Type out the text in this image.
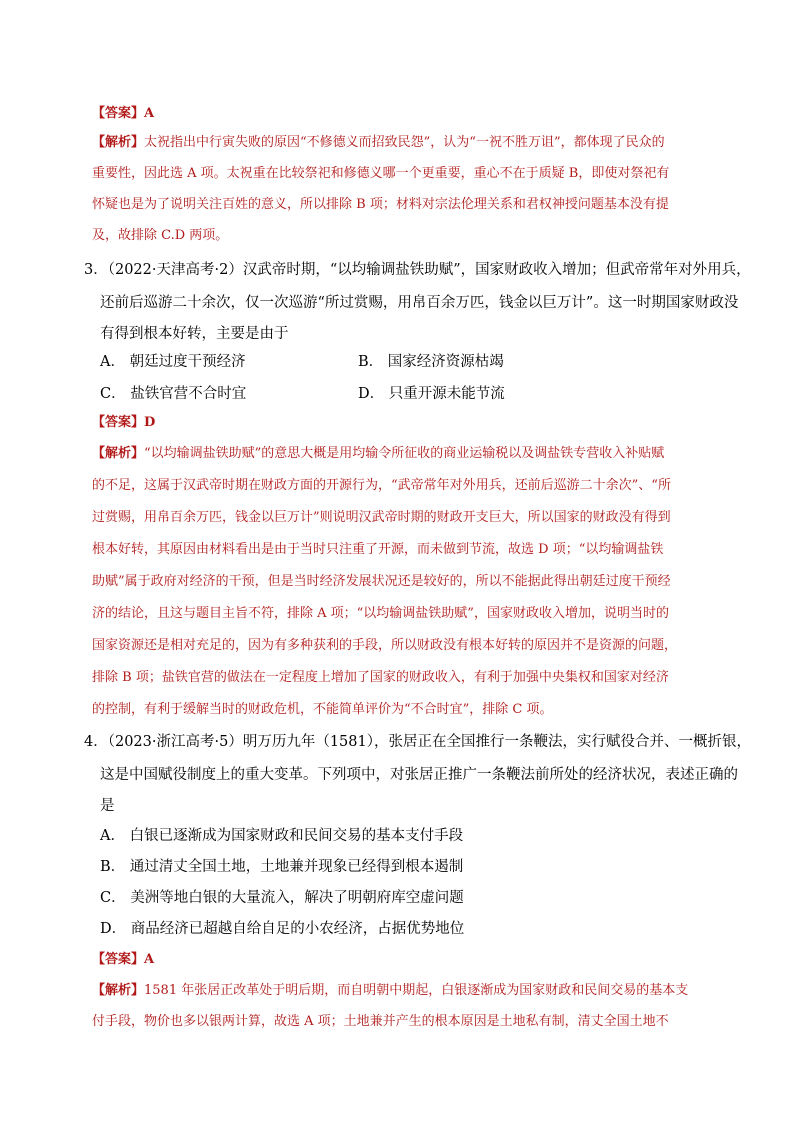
【答案】A
【解析】太祝指出中行寅失败的原因“不修德义而招致民怨”，认为“一祝不胜万诅”，都体现了民众的
重要性，因此选 A 项。太祝重在比较祭祀和修德义哪一个更重要，重心不在于质疑 B，即使对祭祀有
怀疑也是为了说明关注百姓的意义，所以排除 B 项；材料对宗法伦理关系和君权神授问题基本没有提
及，故排除 C.D 两项。
3．（2022·天津高考·2）汉武帝时期，“以均输调盐铁助赋”，国家财政收入增加；但武帝常年对外用兵，
还前后巡游二十余次，仅一次巡游“所过赏赐，用帛百余万匹，钱金以巨万计”。这一时期国家财政没
有得到根本好转，主要是由于
A． 朝廷过度干预经济	B． 国家经济资源枯竭
C． 盐铁官营不合时宜	D． 只重开源未能节流
【答案】D
【解析】“以均输调盐铁助赋”的意思大概是用均输令所征收的商业运输税以及调盐铁专营收入补贴赋
的不足，这属于汉武帝时期在财政方面的开源行为，“武帝常年对外用兵，还前后巡游二十余次”、“所
过赏赐，用帛百余万匹，钱金以巨万计”则说明汉武帝时期的财政开支巨大，所以国家的财政没有得到
根本好转，其原因由材料看出是由于当时只注重了开源，而未做到节流，故选 D 项；“以均输调盐铁
助赋”属于政府对经济的干预，但是当时经济发展状况还是较好的，所以不能据此得出朝廷过度干预经
济的结论，且这与题目主旨不符，排除 A 项；“以均输调盐铁助赋”，国家财政收入增加，说明当时的
国家资源还是相对充足的，因为有多种获利的手段，所以财政没有根本好转的原因并不是资源的问题，
排除 B 项；盐铁官营的做法在一定程度上增加了国家的财政收入，有利于加强中央集权和国家对经济
的控制，有利于缓解当时的财政危机，不能简单评价为“不合时宜”，排除 C 项。
4．（2023·浙江高考·5）明万历九年（1581），张居正在全国推行一条鞭法，实行赋役合并、一概折银，
这是中国赋役制度上的重大变革。下列项中，对张居正推广一条鞭法前所处的经济状况，表述正确的
是
A． 白银已逐渐成为国家财政和民间交易的基本支付手段
B． 通过清丈全国土地，土地兼并现象已经得到根本遏制
C． 美洲等地白银的大量流入，解决了明朝府库空虚问题
D． 商品经济已超越自给自足的小农经济，占据优势地位
【答案】A
【解析】1581 年张居正改革处于明后期，而自明朝中期起，白银逐渐成为国家财政和民间交易的基本支
付手段，物价也多以银两计算，故选 A 项；土地兼并产生的根本原因是土地私有制，清丈全国土地不
